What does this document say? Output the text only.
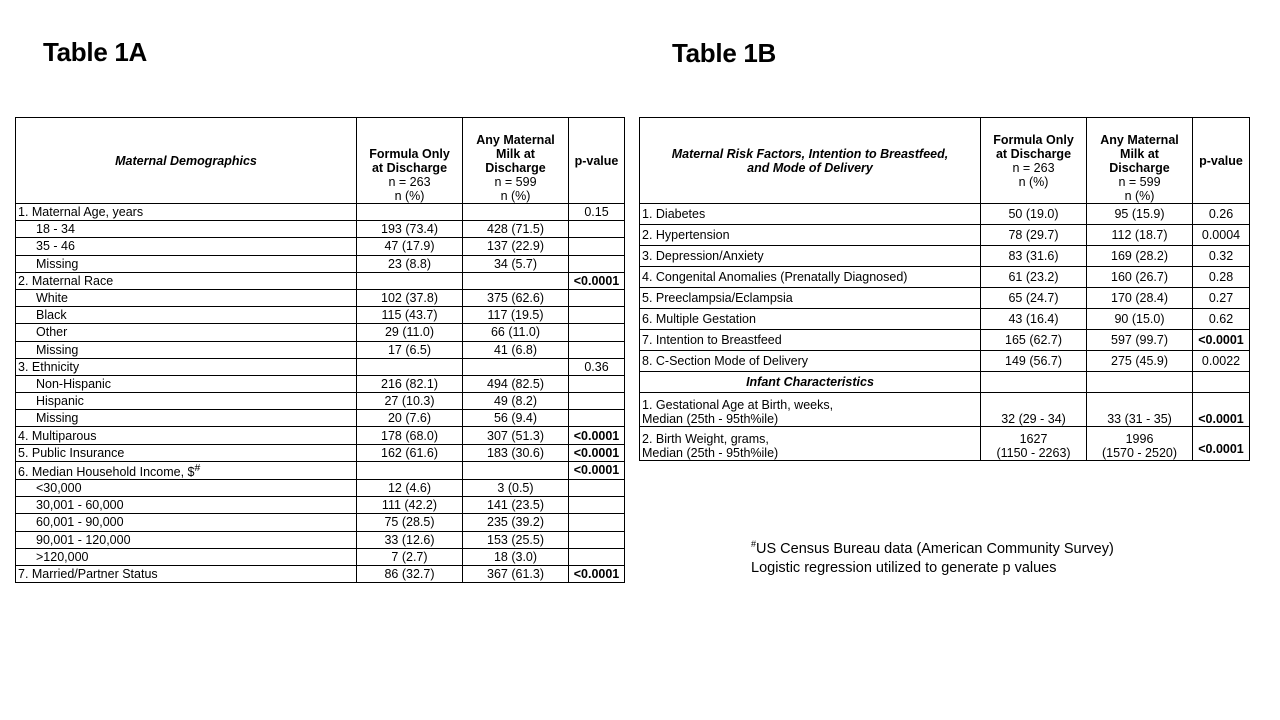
Table 1A	Table 1B
Maternal Demographics	Formula Only
at Discharge
n = 263
n (%)	Any Maternal
Milk at
Discharge
n = 599
n (%)	p-value
1. Maternal Age, years			0.15
18 - 34	193 (73.4)	428 (71.5)	
35 - 46	47 (17.9)	137 (22.9)	
Missing	23 (8.8)	34 (5.7)	
2. Maternal Race			<0.0001
White	102 (37.8)	375 (62.6)	
Black	115 (43.7)	117 (19.5)	
Other	29 (11.0)	66 (11.0)	
Missing	17 (6.5)	41 (6.8)	
3. Ethnicity			0.36
Non-Hispanic	216 (82.1)	494 (82.5)	
Hispanic	27 (10.3)	49 (8.2)	
Missing	20 (7.6)	56 (9.4)	
4. Multiparous	178 (68.0)	307 (51.3)	<0.0001
5. Public Insurance	162 (61.6)	183 (30.6)	<0.0001
6. Median Household Income, $#			<0.0001
<30,000	12 (4.6)	3 (0.5)	
30,001 - 60,000	111 (42.2)	141 (23.5)	
60,001 - 90,000	75 (28.5)	235 (39.2)	
90,001 - 120,000	33 (12.6)	153 (25.5)	
>120,000	7 (2.7)	18 (3.0)	
7. Married/Partner Status	86 (32.7)	367 (61.3)	<0.0001
Maternal Risk Factors, Intention to Breastfeed,
and Mode of Delivery	Formula Only
at Discharge
n = 263
n (%)	Any Maternal
Milk at
Discharge
n = 599
n (%)	p-value
1. Diabetes	50 (19.0)	95 (15.9)	0.26
2. Hypertension	78 (29.7)	112 (18.7)	0.0004
3. Depression/Anxiety	83 (31.6)	169 (28.2)	0.32
4. Congenital Anomalies (Prenatally Diagnosed)	61 (23.2)	160 (26.7)	0.28
5. Preeclampsia/Eclampsia	65 (24.7)	170 (28.4)	0.27
6. Multiple Gestation	43 (16.4)	90 (15.0)	0.62
7. Intention to Breastfeed	165 (62.7)	597 (99.7)	<0.0001
8. C-Section Mode of Delivery	149 (56.7)	275 (45.9)	0.0022
Infant Characteristics			
1. Gestational Age at Birth, weeks,
Median (25th - 95th%ile)	32 (29 - 34)	33 (31 - 35)	<0.0001
2. Birth Weight, grams,
Median (25th - 95th%ile)	1627
(1150 - 2263)	1996
(1570 - 2520)	<0.0001
#US Census Bureau data (American Community Survey)
Logistic regression utilized to generate p values
